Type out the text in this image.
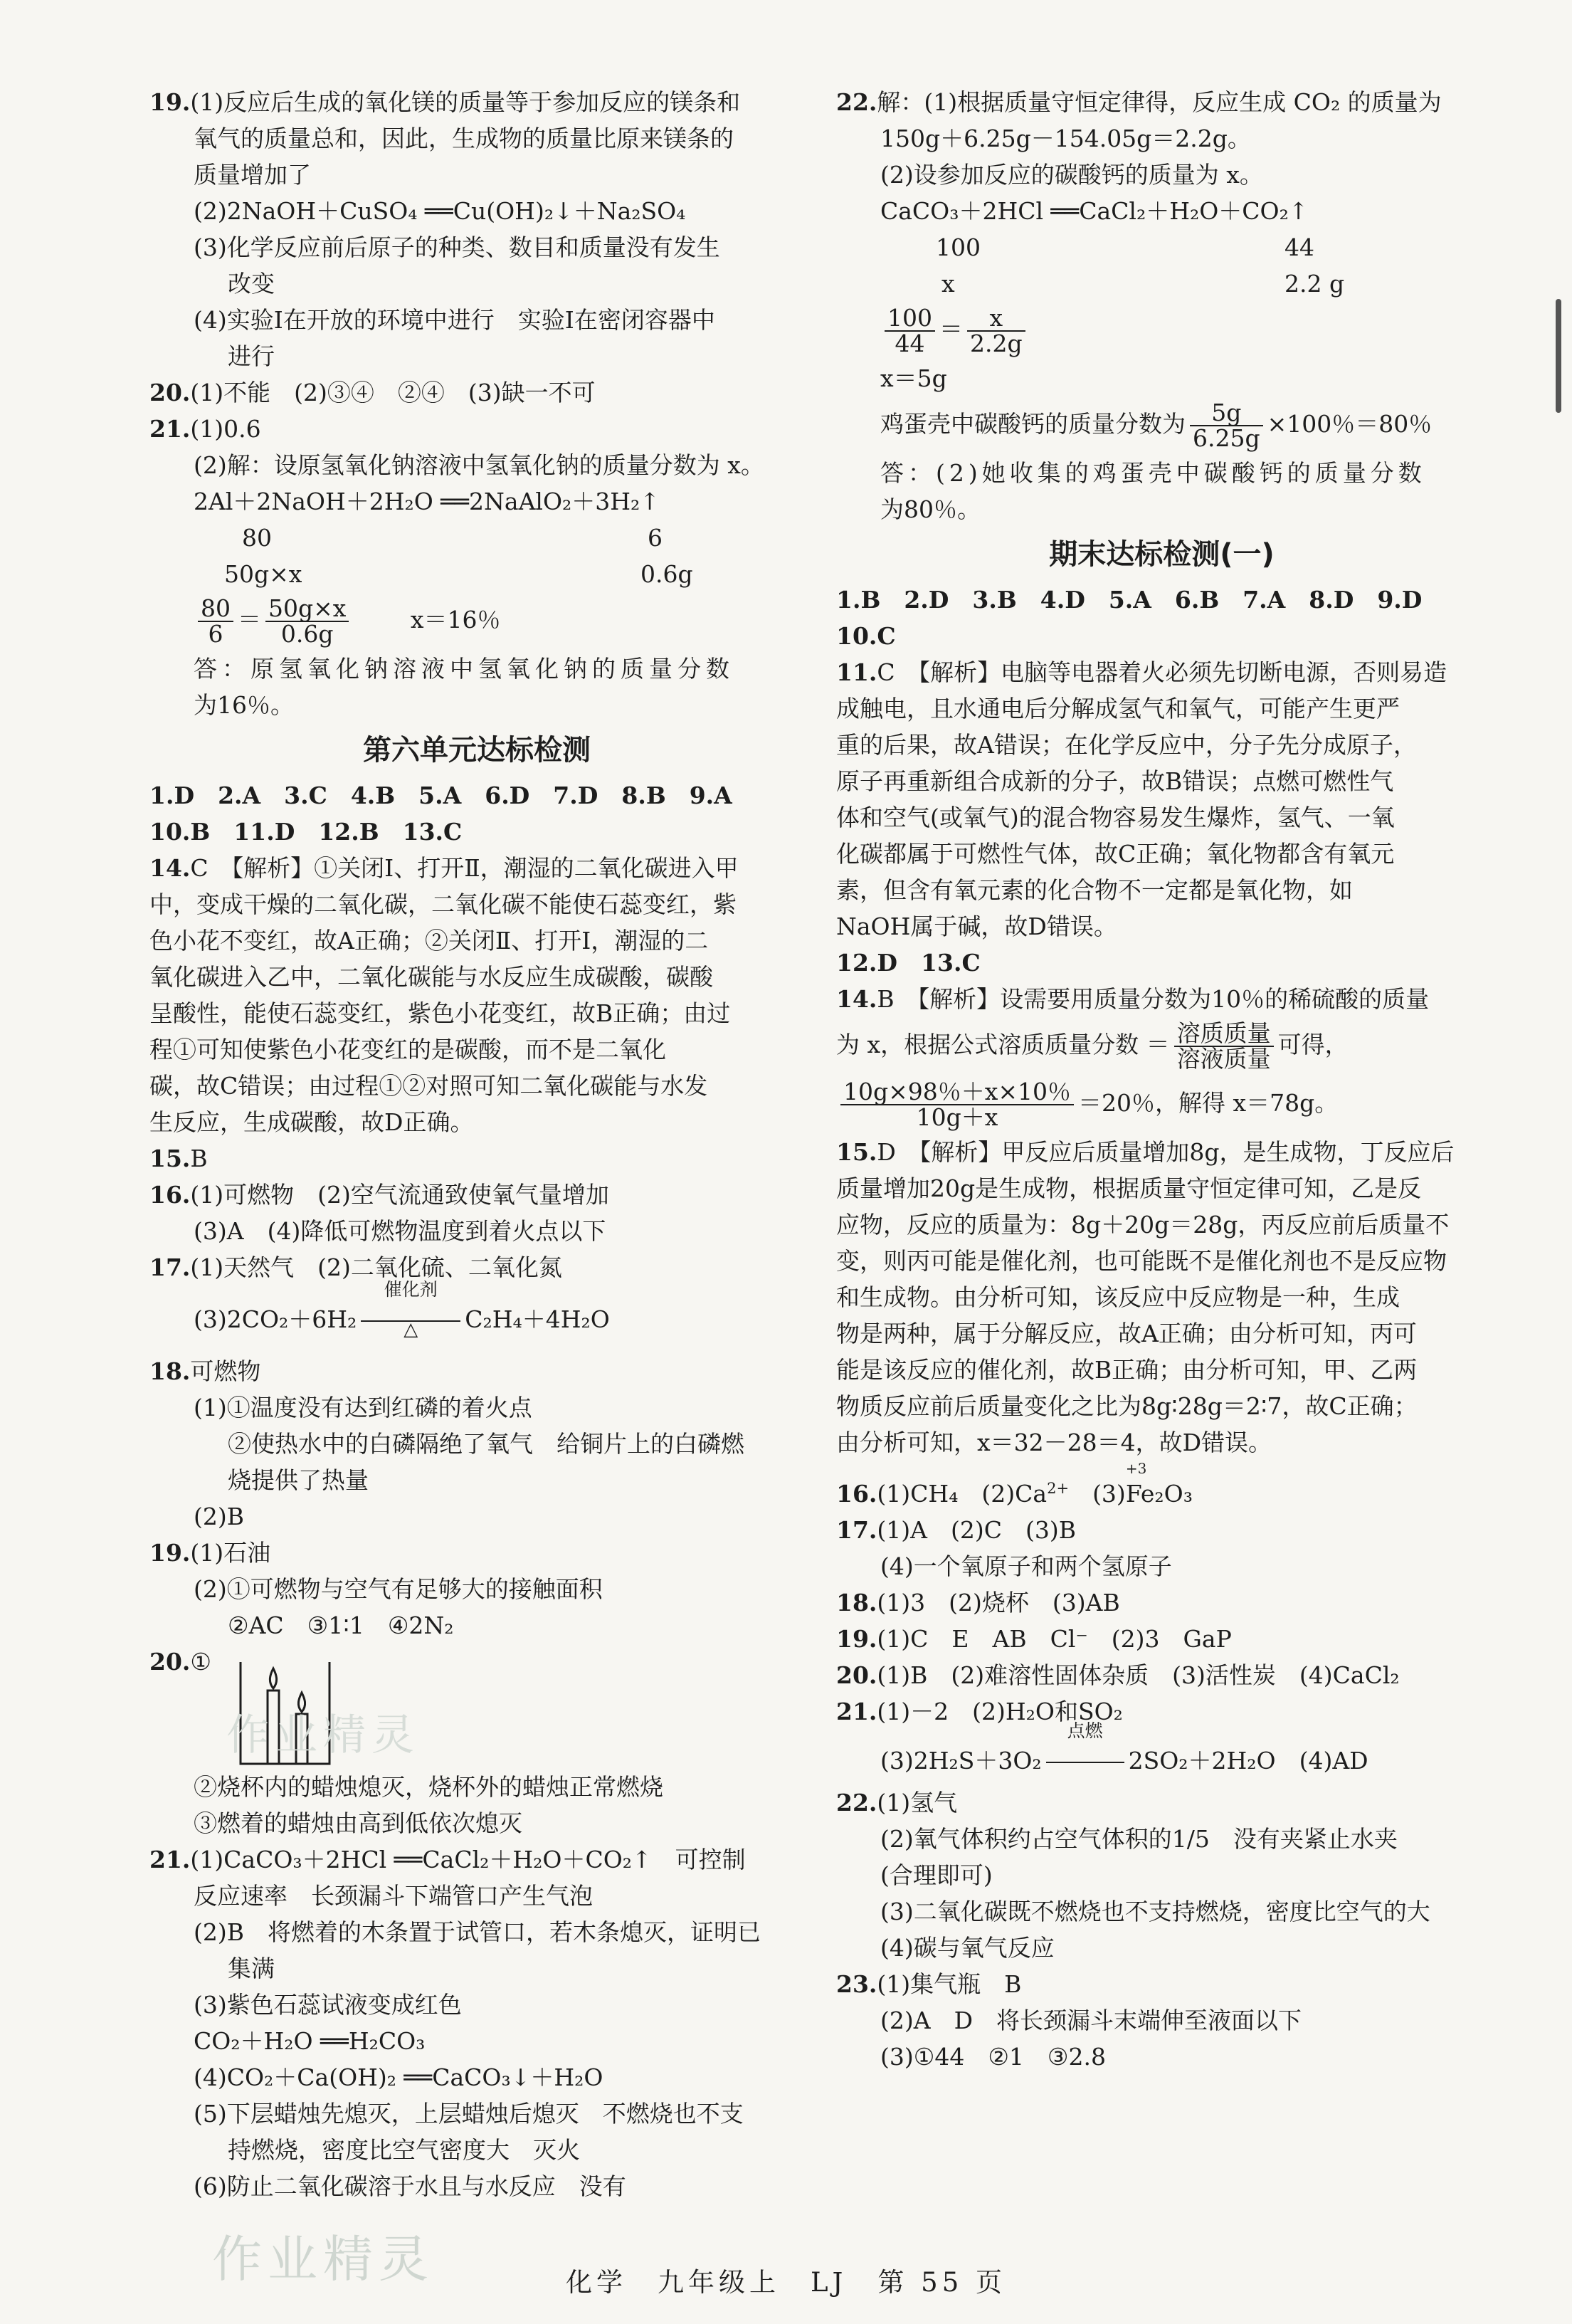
19.(1)反应后生成的氧化镁的质量等于参加反应的镁条和
氧气的质量总和，因此，生成物的质量比原来镁条的
质量增加了
(2)2NaOH＋CuSO₄ ══Cu(OH)₂↓＋Na₂SO₄
(3)化学反应前后原子的种类、数目和质量没有发生
改变
(4)实验Ⅰ在开放的环境中进行　实验Ⅰ在密闭容器中
进行
20.(1)不能　(2)③④　②④　(3)缺一不可
21.(1)0.6
(2)解：设原氢氧化钠溶液中氢氧化钠的质量分数为 x。
2Al＋2NaOH＋2H₂O ══2NaAlO₂＋3H₂↑
80	6
50g×x	0.6g
$\frac{80}{6} = \frac{50g\times x}{0.6g}$	x＝16％
答：原氢氧化钠溶液中氢氧化钠的质量分数
为16％。
第六单元达标检测
1.D　2.A　3.C　4.B　5.A　6.D　7.D　8.B　9.A
10.B　11.D　12.B　13.C
14.C　【解析】①关闭Ⅰ、打开Ⅱ，潮湿的二氧化碳进入甲
中，变成干燥的二氧化碳，二氧化碳不能使石蕊变红，紫
色小花不变红，故A正确；②关闭Ⅱ、打开Ⅰ，潮湿的二
氧化碳进入乙中，二氧化碳能与水反应生成碳酸，碳酸
呈酸性，能使石蕊变红，紫色小花变红，故B正确；由过
程①可知使紫色小花变红的是碳酸，而不是二氧化
碳，故C错误；由过程①②对照可知二氧化碳能与水发
生反应，生成碳酸，故D正确。
15.B
16.(1)可燃物　(2)空气流通致使氧气量增加
(3)A　(4)降低可燃物温度到着火点以下
17.(1)天然气　(2)二氧化硫、二氧化氮
(3)2CO₂＋6H₂
催化剂
△	C₂H₄＋4H₂O
18.可燃物
(1)①温度没有达到红磷的着火点
②使热水中的白磷隔绝了氧气　给铜片上的白磷燃
烧提供了热量
(2)B
19.(1)石油
(2)①可燃物与空气有足够大的接触面积
②AC　③1∶1　④2N₂
20.①
②烧杯内的蜡烛熄灭，烧杯外的蜡烛正常燃烧
③燃着的蜡烛由高到低依次熄灭
21.(1)CaCO₃＋2HCl ══CaCl₂＋H₂O＋CO₂↑　可控制
反应速率　长颈漏斗下端管口产生气泡
(2)B　将燃着的木条置于试管口，若木条熄灭，证明已
集满
(3)紫色石蕊试液变成红色
CO₂＋H₂O ══H₂CO₃
(4)CO₂＋Ca(OH)₂ ══CaCO₃↓＋H₂O
(5)下层蜡烛先熄灭，上层蜡烛后熄灭　不燃烧也不支
持燃烧，密度比空气密度大　灭火
(6)防止二氧化碳溶于水且与水反应　没有
22.解：(1)根据质量守恒定律得，反应生成 CO₂ 的质量为
150g＋6.25g－154.05g＝2.2g。
(2)设参加反应的碳酸钙的质量为 x。
CaCO₃＋2HCl ══CaCl₂＋H₂O＋CO₂↑
100	44
x	2.2 g
$\frac{100}{44} = \frac{x}{2.2g}$
x＝5g
鸡蛋壳中碳酸钙的质量分数为 $\frac{5g}{6.25g} \times 100$％＝80％
答：(2)她收集的鸡蛋壳中碳酸钙的质量分数
为80％。
期末达标检测(一)
1.B　2.D　3.B　4.D　5.A　6.B　7.A　8.D　9.D
10.C
11.C　【解析】电脑等电器着火必须先切断电源，否则易造
成触电，且水通电后分解成氢气和氧气，可能产生更严
重的后果，故A错误；在化学反应中，分子先分成原子，
原子再重新组合成新的分子，故B错误；点燃可燃性气
体和空气(或氧气)的混合物容易发生爆炸，氢气、一氧
化碳都属于可燃性气体，故C正确；氧化物都含有氧元
素，但含有氧元素的化合物不一定都是氧化物，如
NaOH属于碱，故D错误。
12.D　13.C
14.B　【解析】设需要用质量分数为10％的稀硫酸的质量
为 x，根据公式溶质质量分数 ＝ 溶质质量
溶液质量
可得，
$\frac{10g\times 98\%+x\times 10\%}{10g+x} =20$％，解得 x＝78g。
15.D　【解析】甲反应后质量增加8g，是生成物，丁反应后
质量增加20g是生成物，根据质量守恒定律可知，乙是反
应物，反应的质量为：8g＋20g＝28g，丙反应前后质量不
变，则丙可能是催化剂，也可能既不是催化剂也不是反应物
和生成物。由分析可知，该反应中反应物是一种，生成
物是两种，属于分解反应，故A正确；由分析可知，丙可
能是该反应的催化剂，故B正确；由分析可知，甲、乙两
物质反应前后质量变化之比为8g∶28g＝2∶7，故C正确；
由分析可知，x＝32－28＝4，故D错误。
16.(1)CH₄　$(2)Ca^{2+}$　(3)
+3
Fe₂O₃
17.(1)A　(2)C　(3)B
(4)一个氧原子和两个氢原子
18.(1)3　(2)烧杯　(3)AB
19.(1)C　E　AB　Cl⁻　(2)3　GaP
20.(1)B　(2)难溶性固体杂质　(3)活性炭　(4)CaCl₂
21.(1)－2　(2)H₂O和SO₂
(3)2H₂S＋3O₂
点燃
2SO₂＋2H₂O　(4)AD
22.(1)氢气
(2)氧气体积约占空气体积的1/5　没有夹紧止水夹
(合理即可)
(3)二氧化碳既不燃烧也不支持燃烧，密度比空气的大
(4)碳与氧气反应
23.(1)集气瓶　B
(2)A　D　将长颈漏斗末端伸至液面以下
(3)①44　②1　③2.8
作业精灵
作业精灵	化学　九年级上　LJ　第 55 页
